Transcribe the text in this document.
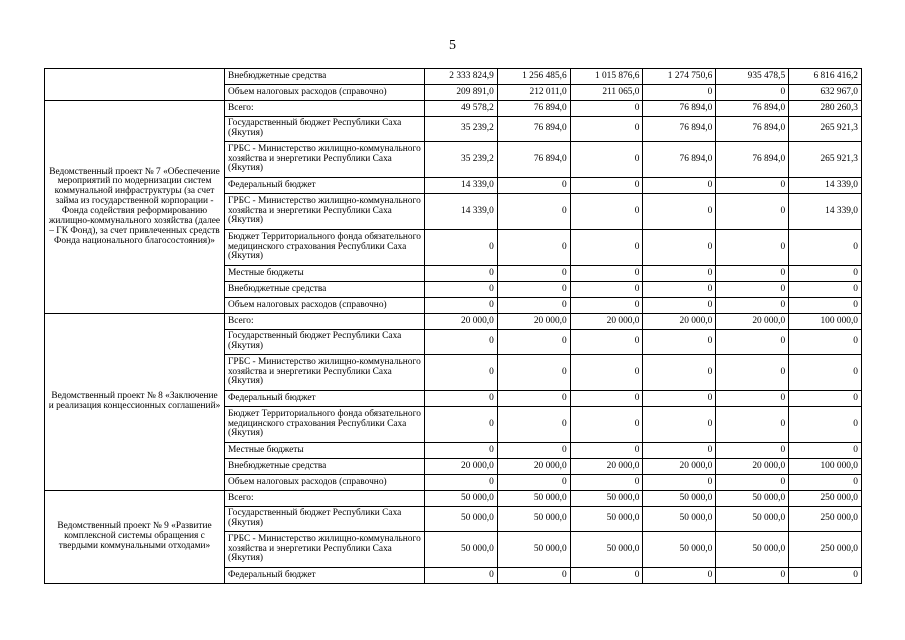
5
	Внебюджетные средства	2 333 824,9	1 256 485,6	1 015 876,6	1 274 750,6	935 478,5	6 816 416,2
	Объем налоговых расходов (справочно)	209 891,0	212 011,0	211 065,0	0	0	632 967,0
Ведомственный проект № 7 «Обеспечение мероприятий по модернизации систем коммунальной инфраструктуры (за счет займа из государственной корпорации - Фонда содействия реформированию жилищно-коммунального хозяйства (далее – ГК Фонд), за счет привлеченных средств Фонда национального благосостояния)»	Всего:	49 578,2	76 894,0	0	76 894,0	76 894,0	280 260,3
	Государственный бюджет Республики Саха (Якутия)	35 239,2	76 894,0	0	76 894,0	76 894,0	265 921,3
	ГРБС - Министерство жилищно-коммунального хозяйства и энергетики Республики Саха (Якутия)	35 239,2	76 894,0	0	76 894,0	76 894,0	265 921,3
	Федеральный бюджет	14 339,0	0	0	0	0	14 339,0
	ГРБС - Министерство жилищно-коммунального хозяйства и энергетики Республики Саха (Якутия)	14 339,0	0	0	0	0	14 339,0
	Бюджет Территориального фонда обязательного медицинского страхования Республики Саха (Якутия)	0	0	0	0	0	0
	Местные бюджеты	0	0	0	0	0	0
	Внебюджетные средства	0	0	0	0	0	0
	Объем налоговых расходов (справочно)	0	0	0	0	0	0
Ведомственный проект № 8 «Заключение и реализация концессионных соглашений»	Всего:	20 000,0	20 000,0	20 000,0	20 000,0	20 000,0	100 000,0
	Государственный бюджет Республики Саха (Якутия)	0	0	0	0	0	0
	ГРБС - Министерство жилищно-коммунального хозяйства и энергетики Республики Саха (Якутия)	0	0	0	0	0	0
	Федеральный бюджет	0	0	0	0	0	0
	Бюджет Территориального фонда обязательного медицинского страхования Республики Саха (Якутия)	0	0	0	0	0	0
	Местные бюджеты	0	0	0	0	0	0
	Внебюджетные средства	20 000,0	20 000,0	20 000,0	20 000,0	20 000,0	100 000,0
	Объем налоговых расходов (справочно)	0	0	0	0	0	0
Ведомственный проект № 9 «Развитие комплексной системы обращения с твердыми коммунальными отходами»	Всего:	50 000,0	50 000,0	50 000,0	50 000,0	50 000,0	250 000,0
	Государственный бюджет Республики Саха (Якутия)	50 000,0	50 000,0	50 000,0	50 000,0	50 000,0	250 000,0
	ГРБС - Министерство жилищно-коммунального хозяйства и энергетики Республики Саха (Якутия)	50 000,0	50 000,0	50 000,0	50 000,0	50 000,0	250 000,0
	Федеральный бюджет	0	0	0	0	0	0
